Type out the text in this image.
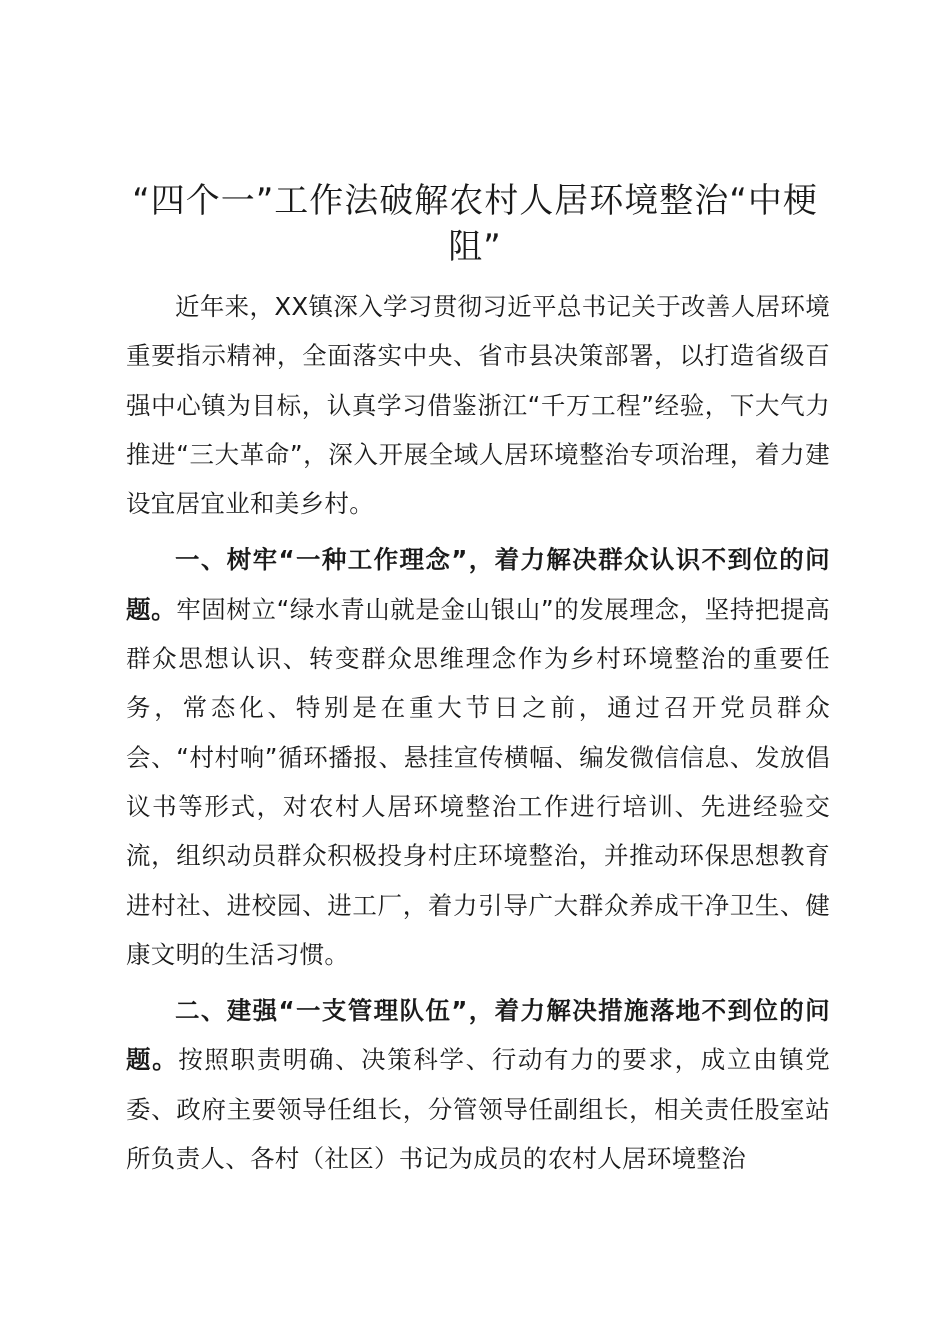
“四个一”工作法破解农村人居环境整治“中梗阻”

近年来，XX镇深入学习贯彻习近平总书记关于改善人居环境重要指示精神，全面落实中央、省市县决策部署，以打造省级百强中心镇为目标，认真学习借鉴浙江“千万工程”经验，下大气力推进“三大革命”，深入开展全域人居环境整治专项治理，着力建设宜居宜业和美乡村。

一、树牢“一种工作理念”，着力解决群众认识不到位的问题。牢固树立“绿水青山就是金山银山”的发展理念，坚持把提高群众思想认识、转变群众思维理念作为乡村环境整治的重要任务，常态化、特别是在重大节日之前，通过召开党员群众会、“村村响”循环播报、悬挂宣传横幅、编发微信信息、发放倡议书等形式，对农村人居环境整治工作进行培训、先进经验交流，组织动员群众积极投身村庄环境整治，并推动环保思想教育进村社、进校园、进工厂，着力引导广大群众养成干净卫生、健康文明的生活习惯。

二、建强“一支管理队伍”，着力解决措施落地不到位的问题。按照职责明确、决策科学、行动有力的要求，成立由镇党委、政府主要领导任组长，分管领导任副组长，相关责任股室站所负责人、各村（社区）书记为成员的农村人居环境整治
